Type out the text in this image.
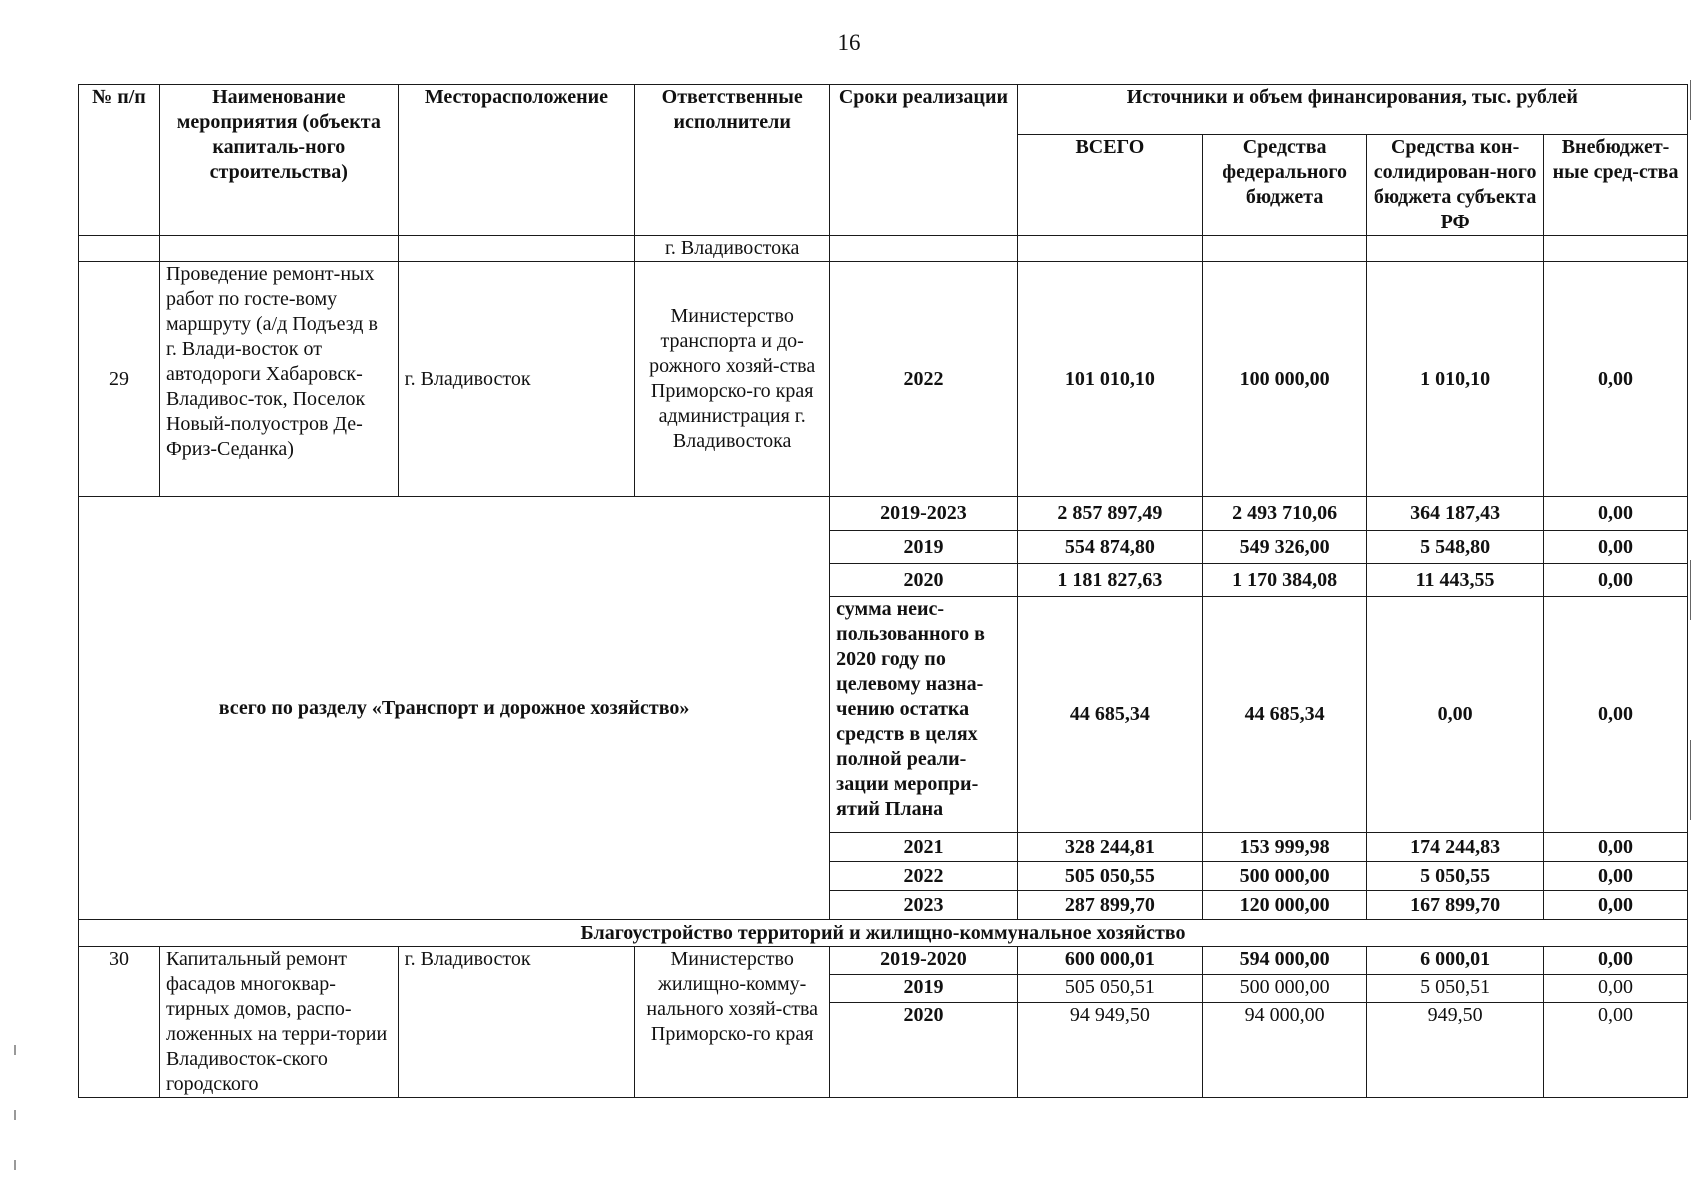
16
№ п/п	Наименование мероприятия (объекта капиталь-ного строительства)	Месторасположение	Ответственные исполнители	Сроки реализации	Источники и объем финансирования, тыс. рублей			
					ВСЕГО	Средства федерального бюджета	Средства кон-солидирован-ного бюджета субъекта РФ	Внебюджет-ные сред-ства
			г. Владивостока					
29	Проведение ремонт-ных работ по госте-вому маршруту (а/д Подъезд в г. Влади-восток от автодороги Хабаровск-Владивос-ток, Поселок Новый-полуостров Де-Фриз-Седанка)	г. Владивосток	Министерство транспорта и до-рожного хозяй-ства Приморско-го края администрация г. Владивостока	2022	101 010,10	100 000,00	1 010,10	0,00
всего по разделу «Транспорт и дорожное хозяйство»				2019-2023	2 857 897,49	2 493 710,06	364 187,43	0,00
				2019	554 874,80	549 326,00	5 548,80	0,00
				2020	1 181 827,63	1 170 384,08	11 443,55	0,00
				сумма неис-пользованного в 2020 году по целевому назна-чению остатка средств в целях полной реали-зации меропри-ятий Плана	44 685,34	44 685,34	0,00	0,00
				2021	328 244,81	153 999,98	174 244,83	0,00
				2022	505 050,55	500 000,00	5 050,55	0,00
				2023	287 899,70	120 000,00	167 899,70	0,00
Благоустройство территорий и жилищно-коммунальное хозяйство								
30	Капитальный ремонт фасадов многоквар-тирных домов, распо-ложенных на терри-тории Владивосток-ского городского	г. Владивосток	Министерство жилищно-комму-нального хозяй-ства Приморско-го края	2019-2020	600 000,01	594 000,00	6 000,01	0,00
				2019	505 050,51	500 000,00	5 050,51	0,00
				2020	94 949,50	94 000,00	949,50	0,00
